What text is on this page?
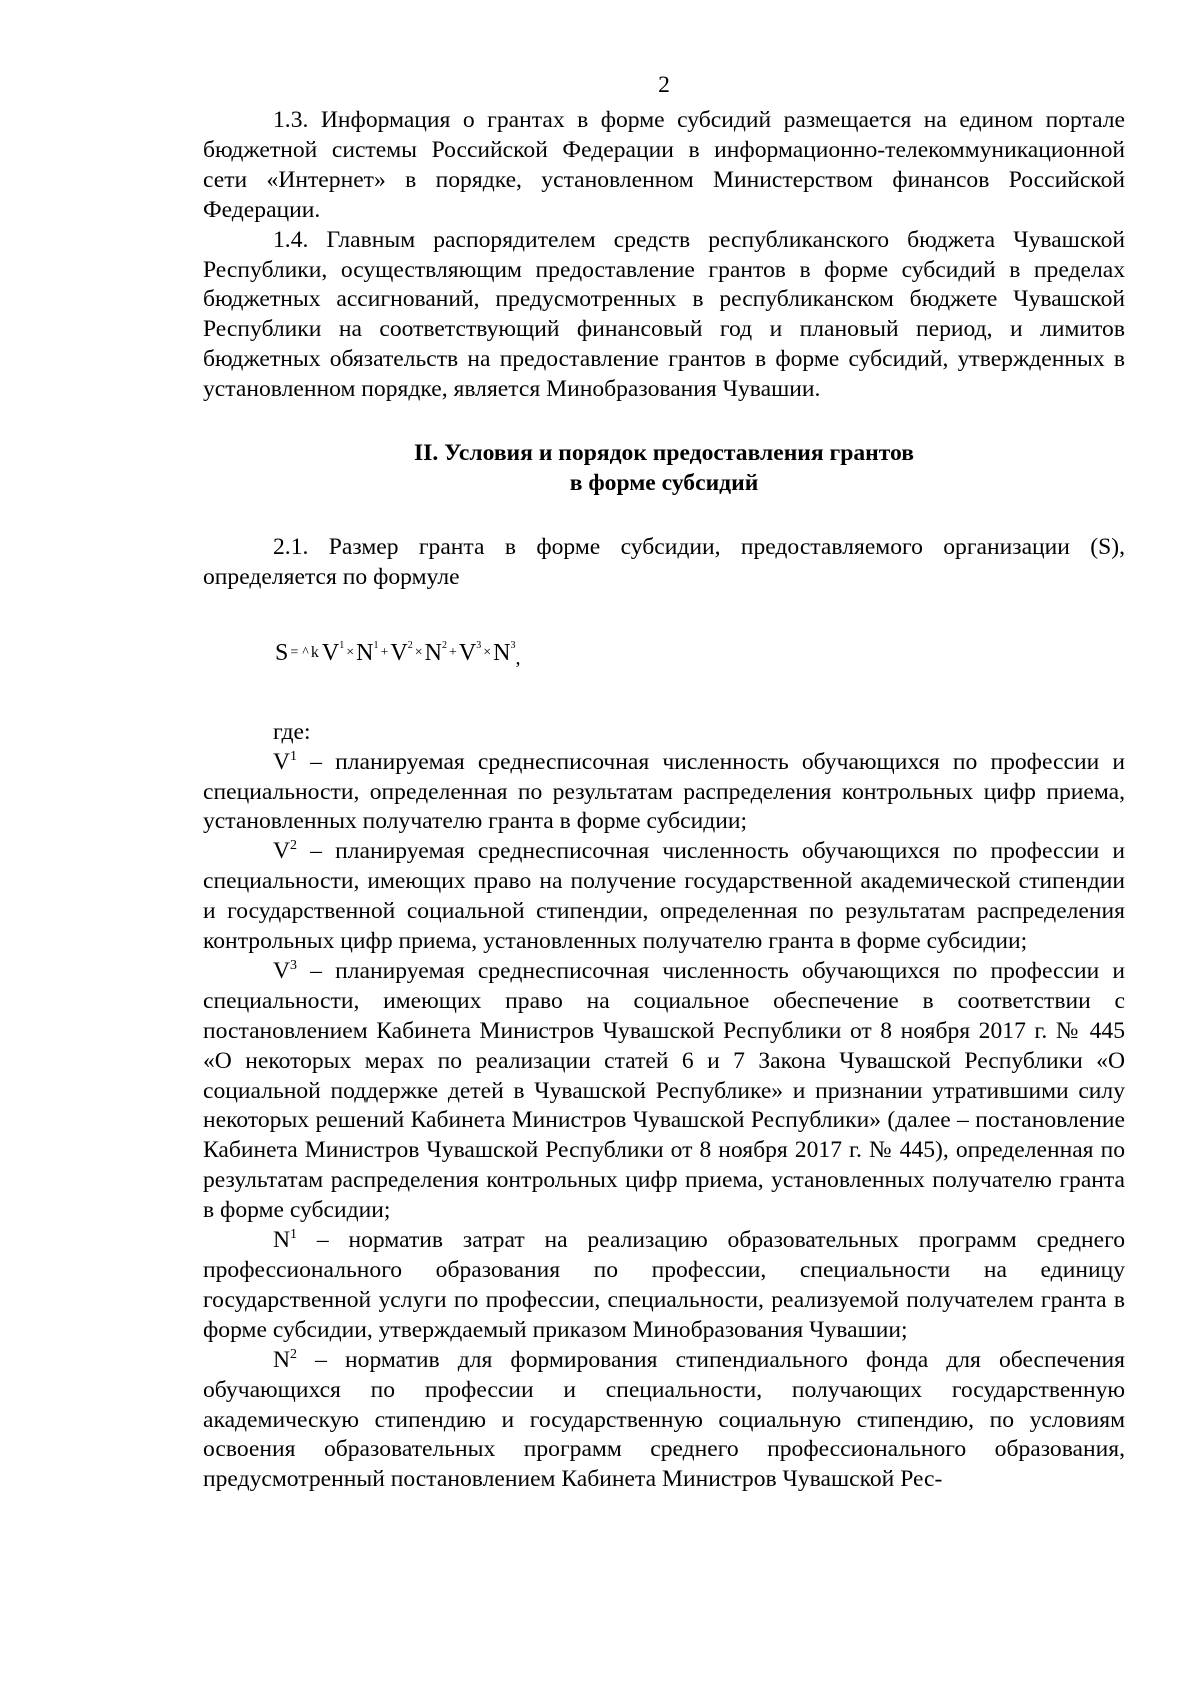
2

1.3. Информация о грантах в форме субсидий размещается на едином портале бюджетной системы Российской Федерации в информационно-телекоммуникационной сети «Интернет» в порядке, установленном Министерством финансов Российской Федерации.

1.4. Главным распорядителем средств республиканского бюджета Чувашской Республики, осуществляющим предоставление грантов в форме субсидий в пределах бюджетных ассигнований, предусмотренных в республиканском бюджете Чувашской Республики на соответствующий финансовый год и плановый период, и лимитов бюджетных обязательств на предоставление грантов в форме субсидий, утвержденных в установленном порядке, является Минобразования Чувашии.

II. Условия и порядок предоставления грантов
в форме субсидий

2.1. Размер гранта в форме субсидии, предоставляемого организации (S), определяется по формуле

S = ^ k $V^1 \times N^1 +V^2 \times N^2 +V^3 \times N^3$,

где:

$V^1$ – планируемая среднесписочная численность обучающихся по профессии и специальности, определенная по результатам распределения контрольных цифр приема, установленных получателю гранта в форме субсидии;

$V^2$ – планируемая среднесписочная численность обучающихся по профессии и специальности, имеющих право на получение государственной академической стипендии и государственной социальной стипендии, определенная по результатам распределения контрольных цифр приема, установленных получателю гранта в форме субсидии;

$V^3$ – планируемая среднесписочная численность обучающихся по профессии и специальности, имеющих право на социальное обеспечение в соответствии с постановлением Кабинета Министров Чувашской Республики от 8 ноября 2017 г. № 445 «О некоторых мерах по реализации статей 6 и 7 Закона Чувашской Республики «О социальной поддержке детей в Чувашской Республике» и признании утратившими силу некоторых решений Кабинета Министров Чувашской Республики» (далее – постановление Кабинета Министров Чувашской Республики от 8 ноября 2017 г. № 445), определенная по результатам распределения контрольных цифр приема, установленных получателю гранта в форме субсидии;

$N^1$ – норматив затрат на реализацию образовательных программ среднего профессионального образования по профессии, специальности на единицу государственной услуги по профессии, специальности, реализуемой получателем гранта в форме субсидии, утверждаемый приказом Минобразования Чувашии;

$N^2$ – норматив для формирования стипендиального фонда для обеспечения обучающихся по профессии и специальности, получающих государственную академическую стипендию и государственную социальную стипендию, по условиям освоения образовательных программ среднего профессионального образования, предусмотренный постановлением Кабинета Министров Чувашской Рес-
